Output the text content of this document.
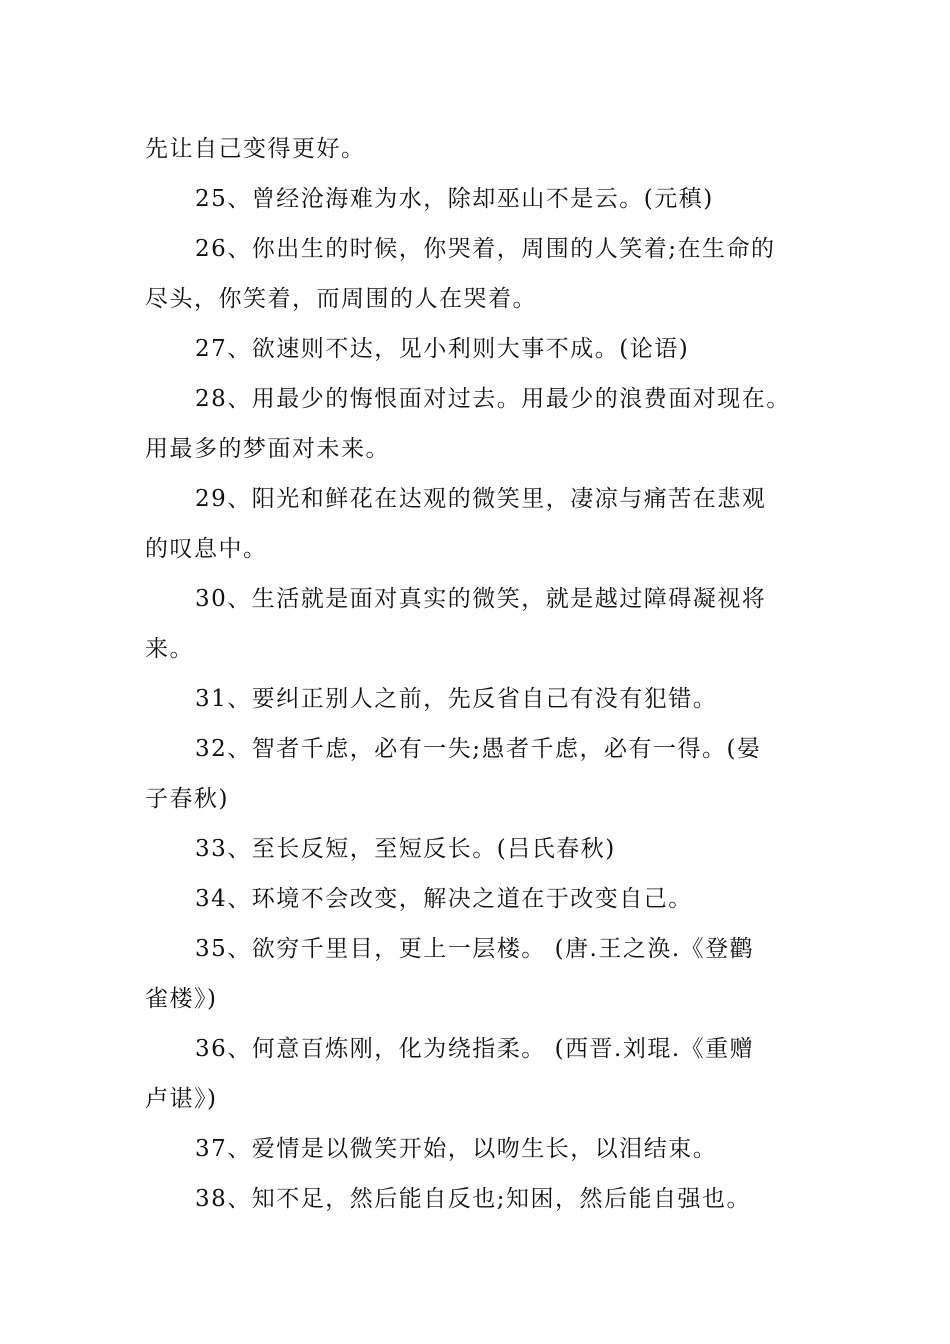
先让自己变得更好。
25、曾经沧海难为水，除却巫山不是云。(元稹)
26、你出生的时候，你哭着，周围的人笑着;在生命的
尽头，你笑着，而周围的人在哭着。
27、欲速则不达，见小利则大事不成。(论语)
28、用最少的悔恨面对过去。用最少的浪费面对现在。
用最多的梦面对未来。
29、阳光和鲜花在达观的微笑里，凄凉与痛苦在悲观
的叹息中。
30、生活就是面对真实的微笑，就是越过障碍凝视将
来。
31、要纠正别人之前，先反省自己有没有犯错。
32、智者千虑，必有一失;愚者千虑，必有一得。(晏
子春秋)
33、至长反短，至短反长。(吕氏春秋)
34、环境不会改变，解决之道在于改变自己。
35、欲穷千里目，更上一层楼。 (唐.王之涣.《登鹳
雀楼》)
36、何意百炼刚，化为绕指柔。 (西晋.刘琨.《重赠
卢谌》)
37、爱情是以微笑开始，以吻生长，以泪结束。
38、知不足，然后能自反也;知困，然后能自强也。
